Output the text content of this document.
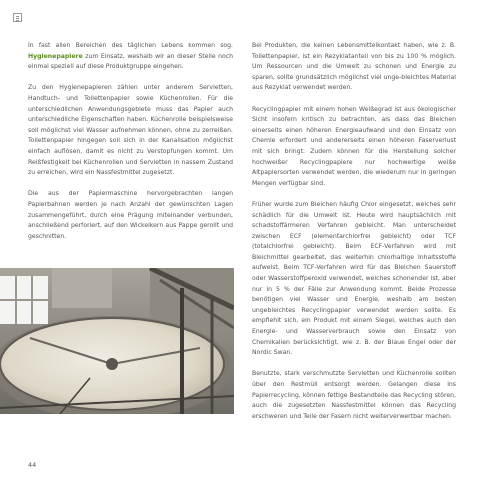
In fast allen Bereichen des täglichen Lebens kommen sog. Hygienepapiere zum Einsatz, weshalb wir an dieser Stelle noch einmal speziell auf diese Produktgruppe eingehen.

Zu den Hygienepapieren zählen unter anderem Servietten, Handtuch- und Toilettenpapier sowie Küchenrollen. Für die unterschiedlichen Anwendungsgebiete muss das Papier auch unterschiedliche Eigenschaften haben. Küchenrolle beispielsweise soll möglichst viel Wasser aufnehmen können, ohne zu zerreißen. Toilettenpapier hingegen soll sich in der Kanalisation möglichst einfach auflösen, damit es nicht zu Verstopfungen kommt. Um Reißfestigkeit bei Küchenrollen und Servietten in nassem Zustand zu erreichen, wird ein Nassfestmittel zugesetzt.

Die aus der Papiermaschine hervorgebrachten langen Papierbahnen werden je nach Anzahl der gewünschten Lagen zusammengeführt, durch eine Prägung miteinander verbunden, anschließend perforiert, auf den Wickelkern aus Pappe gerollt und geschnitten.

Bei Produkten, die keinen Lebensmittelkontakt haben, wie z. B. Toilettenpapier, ist ein Rezyklatanteil von bis zu 100 % möglich. Um Ressourcen und die Umwelt zu schonen und Energie zu sparen, sollte grundsätzlich möglichst viel unge-bleichtes Material aus Rezyklat verwendet werden.

Recyclingpapier mit einem hohen Weißegrad ist aus ökologischer Sicht insofern kritisch zu betrachten, als dass das Bleichen einerseits einen höheren Energieaufwand und den Einsatz von Chemie erfordert und andererseits einen höheren Faserverlust mit sich bringt. Zudem können für die Herstellung solcher hochweißer Recyclingpapiere nur hochwertige weiße Altpapiersorten verwendet werden, die wiederum nur in geringen Mengen verfügbar sind.

Früher wurde zum Bleichen häufig Chlor eingesetzt, welches sehr schädlich für die Umwelt ist. Heute wird hauptsächlich mit schadstoffärmeren Verfahren gebleicht. Man unterscheidet zwischen ECF (elementarchlorfrei gebleicht) oder TCF (totalchlorfrei gebleicht). Beim ECF-Verfahren wird mit Bleichmittel gearbeitet, das weiterhin chlorhaltige Inhaltsstoffe aufweist. Beim TCF-Verfahren wird für das Bleichen Sauerstoff oder Wasserstoffperoxid verwendet, welches schonender ist, aber nur in 5 % der Fälle zur Anwendung kommt. Beide Prozesse benötigen viel Wasser und Energie, weshalb am besten ungebleichtes Recyclingpapier verwendet werden sollte. Es empfiehlt sich, ein Produkt mit einem Siegel, welches auch den Energie- und Wasserverbrauch sowie den Einsatz von Chemikalien berücksichtigt, wie z. B. der Blaue Engel oder der Nordic Swan.

Benutzte, stark verschmutzte Servietten und Küchenrolle sollten über den Restmüll entsorgt werden. Gelangen diese ins Papierrecycling, können fettige Bestandteile das Recycling stören, auch die zugesetzten Nassfestmittel können das Recycling erschweren und Teile der Fasern nicht weiterverwertbar machen.

44
